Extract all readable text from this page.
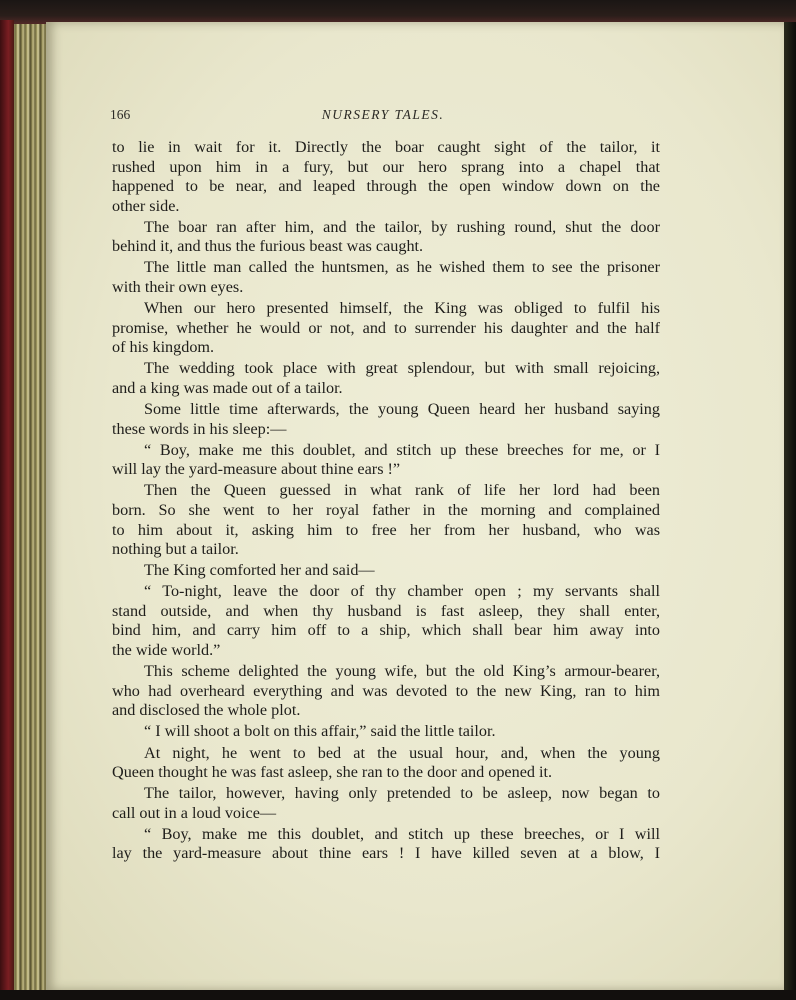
166	NURSERY TALES.
to lie in wait for it. Directly the boar caught sight of the tailor, it
rushed upon him in a fury, but our hero sprang into a chapel that
happened to be near, and leaped through the open window down on the
other side.
The boar ran after him, and the tailor, by rushing round, shut the door
behind it, and thus the furious beast was caught.
The little man called the huntsmen, as he wished them to see the prisoner
with their own eyes.
When our hero presented himself, the King was obliged to fulfil his
promise, whether he would or not, and to surrender his daughter and the half
of his kingdom.
The wedding took place with great splendour, but with small rejoicing,
and a king was made out of a tailor.
Some little time afterwards, the young Queen heard her husband saying
these words in his sleep:—
“ Boy, make me this doublet, and stitch up these breeches for me, or I
will lay the yard-measure about thine ears !”
Then the Queen guessed in what rank of life her lord had been
born. So she went to her royal father in the morning and complained
to him about it, asking him to free her from her husband, who was
nothing but a tailor.
The King comforted her and said—
“ To-night, leave the door of thy chamber open ; my servants shall
stand outside, and when thy husband is fast asleep, they shall enter,
bind him, and carry him off to a ship, which shall bear him away into
the wide world.”
This scheme delighted the young wife, but the old King’s armour-bearer,
who had overheard everything and was devoted to the new King, ran to him
and disclosed the whole plot.
“ I will shoot a bolt on this affair,” said the little tailor.
At night, he went to bed at the usual hour, and, when the young
Queen thought he was fast asleep, she ran to the door and opened it.
The tailor, however, having only pretended to be asleep, now began to
call out in a loud voice—
“ Boy, make me this doublet, and stitch up these breeches, or I will
lay the yard-measure about thine ears ! I have killed seven at a blow, I
